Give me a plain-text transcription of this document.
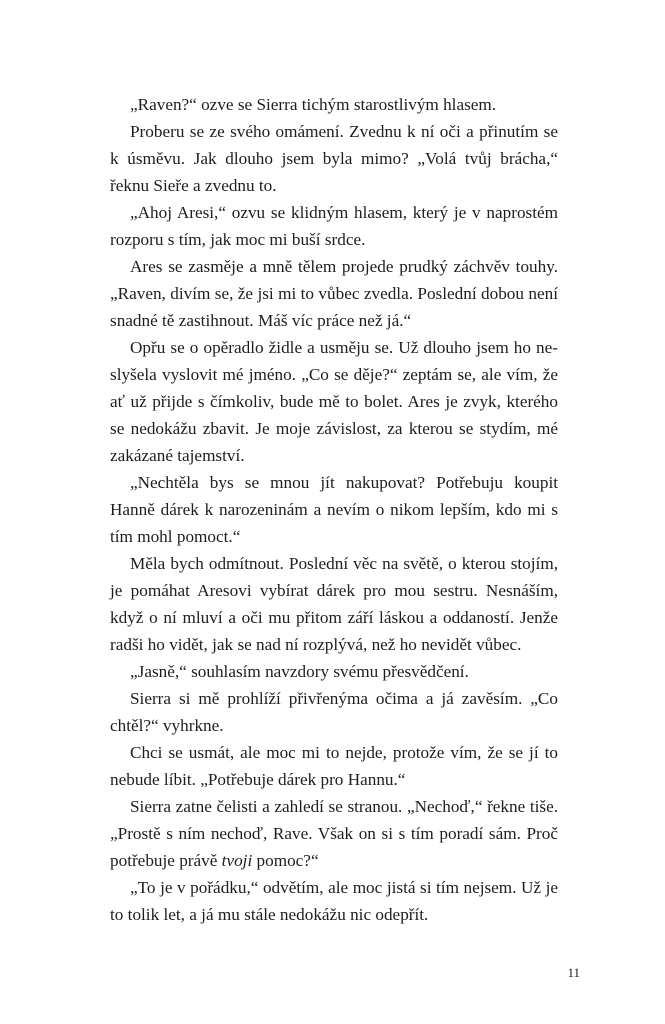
„Raven?“ ozve se Sierra tichým starostlivým hlasem.

Proberu se ze svého omámení. Zvednu k ní oči a přinutím se k úsměvu. Jak dlouho jsem byla mimo? „Volá tvůj brácha,“ řeknu Sieře a zvednu to.

„Ahoj Aresi,“ ozvu se klidným hlasem, který je v naprostém rozporu s tím, jak moc mi buší srdce.

Ares se zasměje a mně tělem projede prudký záchvěv touhy. „Raven, divím se, že jsi mi to vůbec zvedla. Poslední dobou není snadné tě zastihnout. Máš víc práce než já.“

Opřu se o opěradlo židle a usměju se. Už dlouho jsem ho neslyšela vyslovit mé jméno. „Co se děje?“ zeptám se, ale vím, že ať už přijde s čímkoliv, bude mě to bolet. Ares je zvyk, kterého se nedokážu zbavit. Je moje závislost, za kterou se stydím, mé zakázané tajemství.

„Nechtěla bys se mnou jít nakupovat? Potřebuju koupit Hanně dárek k narozeninám a nevím o nikom lepším, kdo mi s tím mohl pomoct.“

Měla bych odmítnout. Poslední věc na světě, o kterou stojím, je pomáhat Aresovi vybírat dárek pro mou sestru. Nesnáším, když o ní mluví a oči mu přitom září láskou a oddaností. Jenže radši ho vidět, jak se nad ní rozplývá, než ho nevidět vůbec.

„Jasně,“ souhlasím navzdory svému přesvědčení.

Sierra si mě prohlíží přivřenýma očima a já zavěsím. „Co chtěl?“ vyhrkne.

Chci se usmát, ale moc mi to nejde, protože vím, že se jí to nebude líbit. „Potřebuje dárek pro Hannu.“

Sierra zatne čelisti a zahledí se stranou. „Nechoď,“ řekne tiše. „Prostě s ním nechoď, Rave. Však on si s tím poradí sám. Proč potřebuje právě tvoji pomoc?“

„To je v pořádku,“ odvětím, ale moc jistá si tím nejsem. Už je to tolik let, a já mu stále nedokážu nic odepřít.

11
